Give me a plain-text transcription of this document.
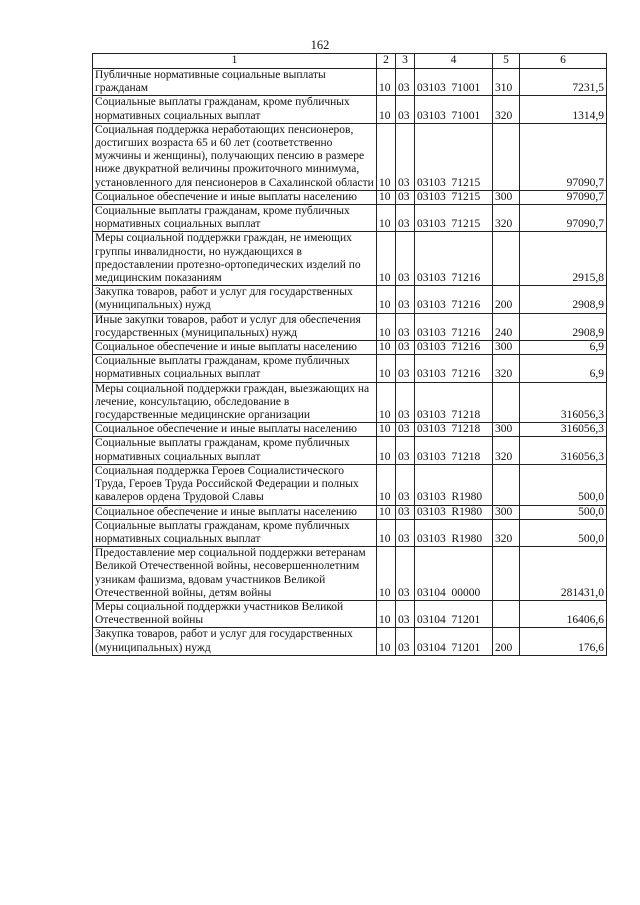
162
1	2	3	4	5	6
Публичные нормативные социальные выплаты гражданам	10	03	03103  71001	310	7231,5
Социальные выплаты гражданам, кроме публичных нормативных социальных выплат	10	03	03103  71001	320	1314,9
Социальная поддержка неработающих пенсионеров, достигших возраста 65 и 60 лет (соответственно мужчины и женщины), получающих пенсию в размере ниже двукратной величины прожиточного минимума, установленного для пенсионеров в Сахалинской области	10	03	03103  71215		97090,7
Социальное обеспечение и иные выплаты населению	10	03	03103  71215	300	97090,7
Социальные выплаты гражданам, кроме публичных нормативных социальных выплат	10	03	03103  71215	320	97090,7
Меры социальной поддержки граждан, не имеющих группы инвалидности, но нуждающихся в предоставлении протезно-ортопедических изделий по медицинским показаниям	10	03	03103  71216		2915,8
Закупка товаров, работ и услуг для государственных (муниципальных) нужд	10	03	03103  71216	200	2908,9
Иные закупки товаров, работ и услуг для обеспечения государственных (муниципальных) нужд	10	03	03103  71216	240	2908,9
Социальное обеспечение и иные выплаты населению	10	03	03103  71216	300	6,9
Социальные выплаты гражданам, кроме публичных нормативных социальных выплат	10	03	03103  71216	320	6,9
Меры социальной поддержки граждан, выезжающих на лечение, консультацию, обследование в государственные медицинские организации	10	03	03103  71218		316056,3
Социальное обеспечение и иные выплаты населению	10	03	03103  71218	300	316056,3
Социальные выплаты гражданам, кроме публичных нормативных социальных выплат	10	03	03103  71218	320	316056,3
Социальная поддержка Героев Социалистического Труда, Героев Труда Российской Федерации и полных кавалеров ордена Трудовой Славы	10	03	03103  R1980		500,0
Социальное обеспечение и иные выплаты населению	10	03	03103  R1980	300	500,0
Социальные выплаты гражданам, кроме публичных нормативных социальных выплат	10	03	03103  R1980	320	500,0
Предоставление мер социальной поддержки ветеранам Великой Отечественной войны, несовершеннолетним узникам фашизма, вдовам участников Великой Отечественной войны, детям войны	10	03	03104  00000		281431,0
Меры социальной поддержки участников Великой Отечественной войны	10	03	03104  71201		16406,6
Закупка товаров, работ и услуг для государственных (муниципальных) нужд	10	03	03104  71201	200	176,6
